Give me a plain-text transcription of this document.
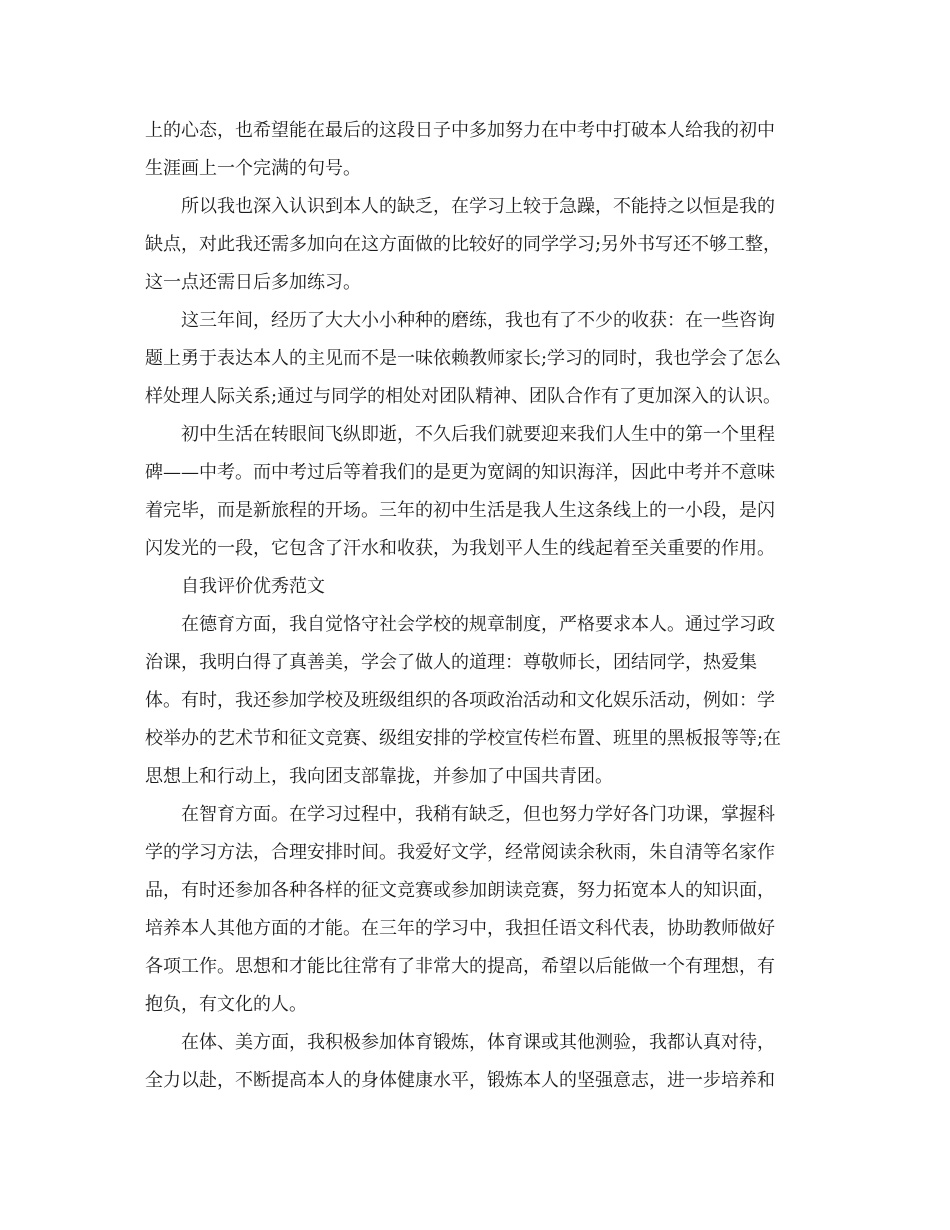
上的心态，也希望能在最后的这段日子中多加努力在中考中打破本人给我的初中
生涯画上一个完满的句号。
所以我也深入认识到本人的缺乏，在学习上较于急躁，不能持之以恒是我的
缺点，对此我还需多加向在这方面做的比较好的同学学习;另外书写还不够工整，
这一点还需日后多加练习。
这三年间，经历了大大小小种种的磨练，我也有了不少的收获：在一些咨询
题上勇于表达本人的主见而不是一味依赖教师家长;学习的同时，我也学会了怎么
样处理人际关系;通过与同学的相处对团队精神、团队合作有了更加深入的认识。
初中生活在转眼间飞纵即逝，不久后我们就要迎来我们人生中的第一个里程
碑——中考。而中考过后等着我们的是更为宽阔的知识海洋，因此中考并不意味
着完毕，而是新旅程的开场。三年的初中生活是我人生这条线上的一小段，是闪
闪发光的一段，它包含了汗水和收获，为我划平人生的线起着至关重要的作用。
自我评价优秀范文
在德育方面，我自觉恪守社会学校的规章制度，严格要求本人。通过学习政
治课，我明白得了真善美，学会了做人的道理：尊敬师长，团结同学，热爱集
体。有时，我还参加学校及班级组织的各项政治活动和文化娱乐活动，例如：学
校举办的艺术节和征文竞赛、级组安排的学校宣传栏布置、班里的黑板报等等;在
思想上和行动上，我向团支部靠拢，并参加了中国共青团。
在智育方面。在学习过程中，我稍有缺乏，但也努力学好各门功课，掌握科
学的学习方法，合理安排时间。我爱好文学，经常阅读余秋雨，朱自清等名家作
品，有时还参加各种各样的征文竞赛或参加朗读竞赛，努力拓宽本人的知识面，
培养本人其他方面的才能。在三年的学习中，我担任语文科代表，协助教师做好
各项工作。思想和才能比往常有了非常大的提高，希望以后能做一个有理想，有
抱负，有文化的人。
在体、美方面，我积极参加体育锻炼，体育课或其他测验，我都认真对待，
全力以赴，不断提高本人的身体健康水平，锻炼本人的坚强意志，进一步培养和
